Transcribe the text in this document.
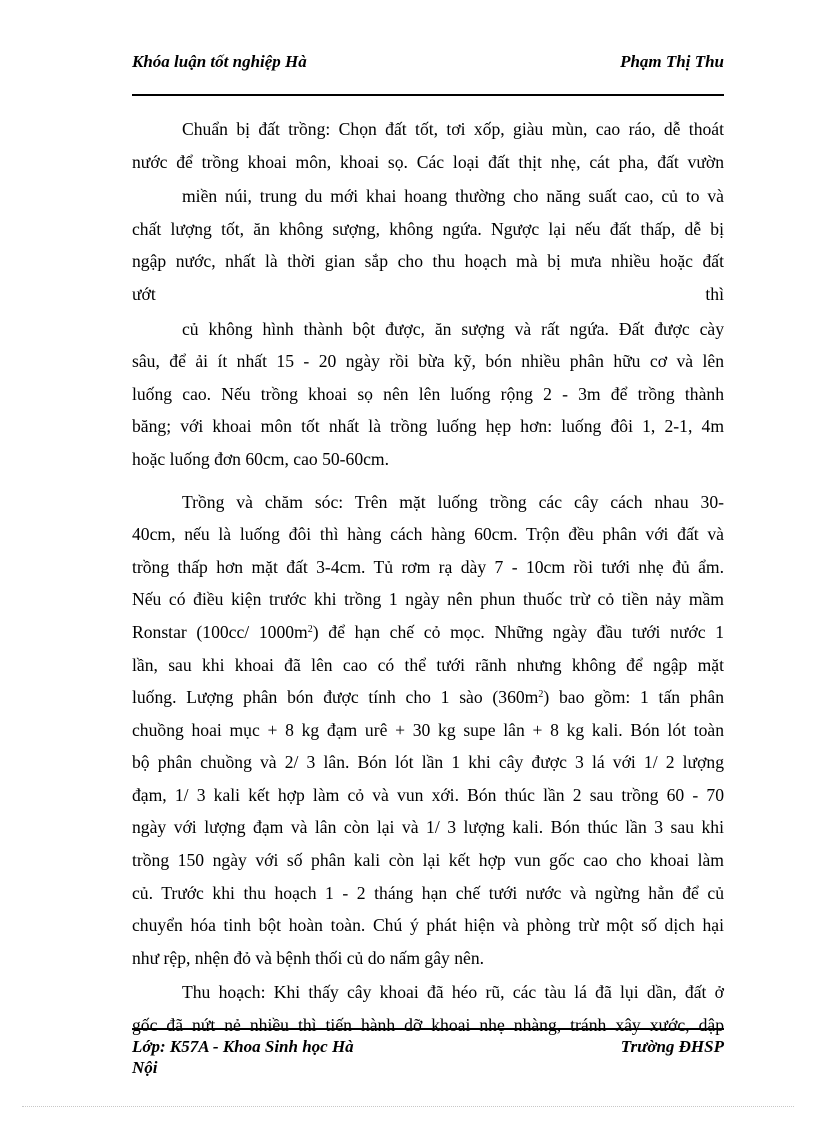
Khóa luận tốt nghiệp Hà	Phạm Thị Thu

Chuẩn bị đất trồng: Chọn đất tốt, tơi xốp, giàu mùn, cao ráo, dễ thoát

nước để trồng khoai môn, khoai sọ. Các loại đất thịt nhẹ, cát pha, đất vườn

miền núi, trung du mới khai hoang thường cho năng suất cao, củ to và

chất lượng tốt, ăn không sượng, không ngứa. Ngược lại nếu đất thấp, dễ bị

ngập nước, nhất là thời gian sắp cho thu hoạch mà bị mưa nhiều hoặc đất

ướt thì

củ không hình thành bột được, ăn sượng và rất ngứa. Đất được cày

sâu, để ải ít nhất 15 - 20 ngày rồi bừa kỹ, bón nhiều phân hữu cơ và lên

luống cao. Nếu trồng khoai sọ nên lên luống rộng 2 - 3m để trồng thành

băng; với khoai môn tốt nhất là trồng luống hẹp hơn: luống đôi 1, 2-1, 4m

hoặc luống đơn 60cm, cao 50-60cm.

Trồng và chăm sóc: Trên mặt luống trồng các cây cách nhau 30-

40cm, nếu là luống đôi thì hàng cách hàng 60cm. Trộn đều phân với đất và

trồng thấp hơn mặt đất 3-4cm. Tủ rơm rạ dày 7 - 10cm rồi tưới nhẹ đủ ẩm.

Nếu có điều kiện trước khi trồng 1 ngày nên phun thuốc trừ cỏ tiền nảy mầm

Ronstar (100cc/ $1000m^2$) để hạn chế cỏ mọc. Những ngày đầu tưới nước 1

lần, sau khi khoai đã lên cao có thể tưới rãnh nhưng không để ngập mặt

luống. Lượng phân bón được tính cho 1 sào $(360m^2)$ bao gồm: 1 tấn phân

chuồng hoai mục + 8 kg đạm urê + 30 kg supe lân + 8 kg kali. Bón lót toàn

bộ phân chuồng và 2/ 3 lân. Bón lót lần 1 khi cây được 3 lá với 1/ 2 lượng

đạm, 1/ 3 kali kết hợp làm cỏ và vun xới. Bón thúc lần 2 sau trồng 60 - 70

ngày với lượng đạm và lân còn lại và 1/ 3 lượng kali. Bón thúc lần 3 sau khi

trồng 150 ngày với số phân kali còn lại kết hợp vun gốc cao cho khoai làm

củ. Trước khi thu hoạch 1 - 2 tháng hạn chế tưới nước và ngừng hẳn để củ

chuyển hóa tinh bột hoàn toàn. Chú ý phát hiện và phòng trừ một số dịch hại

như rệp, nhện đỏ và bệnh thối củ do nấm gây nên.

Thu hoạch: Khi thấy cây khoai đã héo rũ, các tàu lá đã lụi dần, đất ở

gốc đã nứt nẻ nhiều thì tiến hành dỡ khoai nhẹ nhàng, tránh xây xước, dập

Lớp: K57A - Khoa Sinh học Hà Nội
Trường ĐHSP
